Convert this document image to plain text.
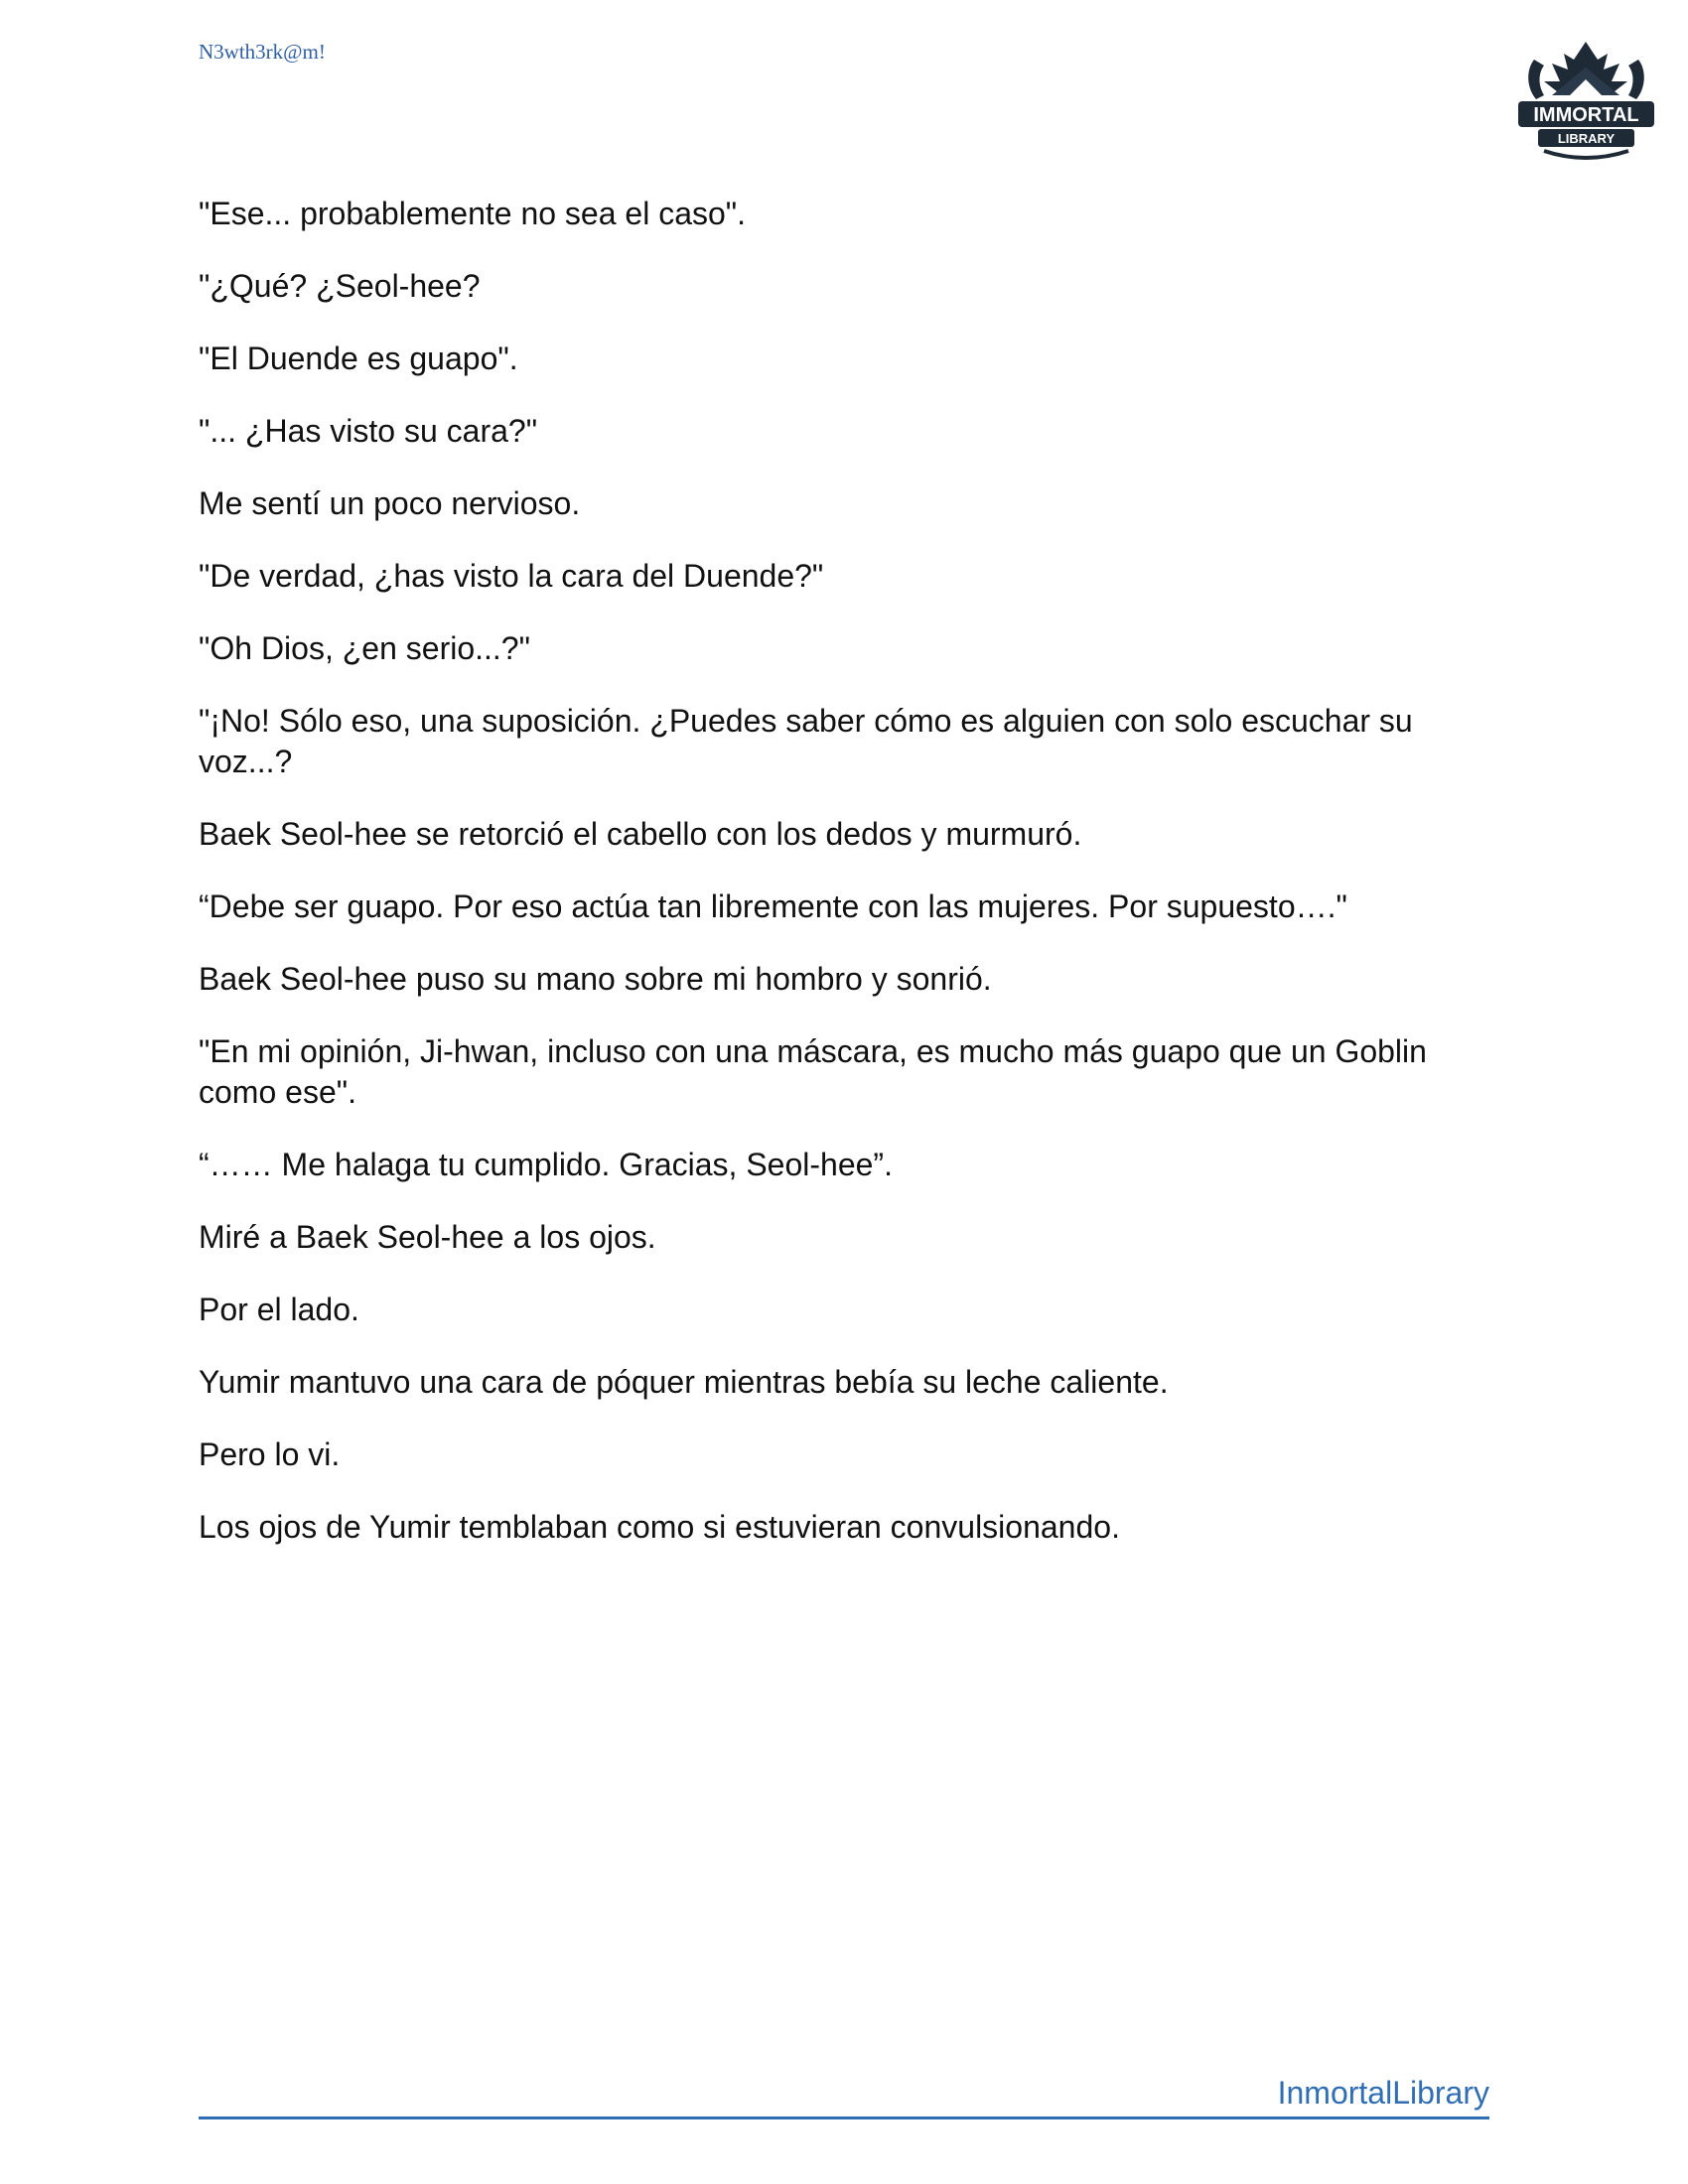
N3wth3rk@m!
IMMORTAL
LIBRARY

"Ese... probablemente no sea el caso".

"¿Qué? ¿Seol-hee?

"El Duende es guapo".

"... ¿Has visto su cara?"

Me sentí un poco nervioso.

"De verdad, ¿has visto la cara del Duende?"

"Oh Dios, ¿en serio...?"

"¡No! Sólo eso, una suposición. ¿Puedes saber cómo es alguien con solo escuchar su voz...?

Baek Seol-hee se retorció el cabello con los dedos y murmuró.

“Debe ser guapo. Por eso actúa tan libremente con las mujeres. Por supuesto…."

Baek Seol-hee puso su mano sobre mi hombro y sonrió.

"En mi opinión, Ji-hwan, incluso con una máscara, es mucho más guapo que un Goblin como ese".

“…… Me halaga tu cumplido. Gracias, Seol-hee”.

Miré a Baek Seol-hee a los ojos.

Por el lado.

Yumir mantuvo una cara de póquer mientras bebía su leche caliente.

Pero lo vi.

Los ojos de Yumir temblaban como si estuvieran convulsionando.

InmortalLibrary
